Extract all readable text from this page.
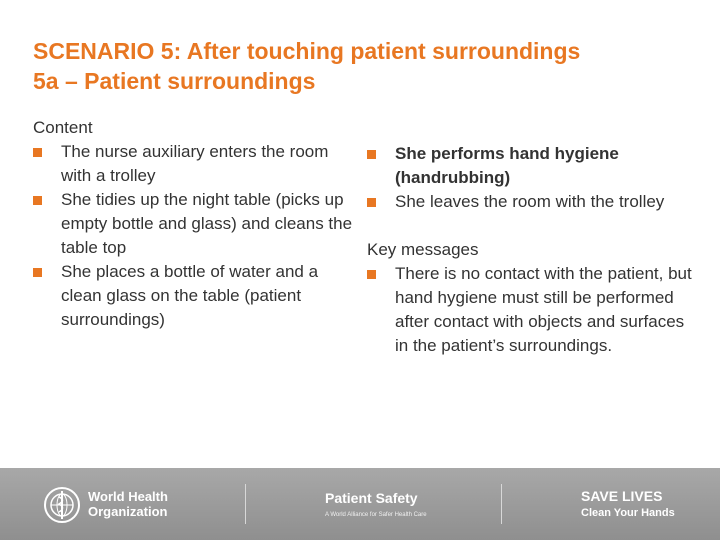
SCENARIO 5: After touching patient surroundings
5a – Patient surroundings
Content
The nurse auxiliary enters the room with a trolley
She tidies up the night table (picks up empty bottle and glass) and cleans the table top
She places a bottle of water and a clean glass on the table (patient surroundings)
She performs hand hygiene (handrubbing)
She leaves the room with the trolley
Key messages
There is no contact with the patient, but hand hygiene must still be performed after contact with objects and surfaces in the patient’s surroundings.
World Health
Organization
Patient Safety
A World Alliance for Safer Health Care
SAVE LIVES
Clean Your Hands
